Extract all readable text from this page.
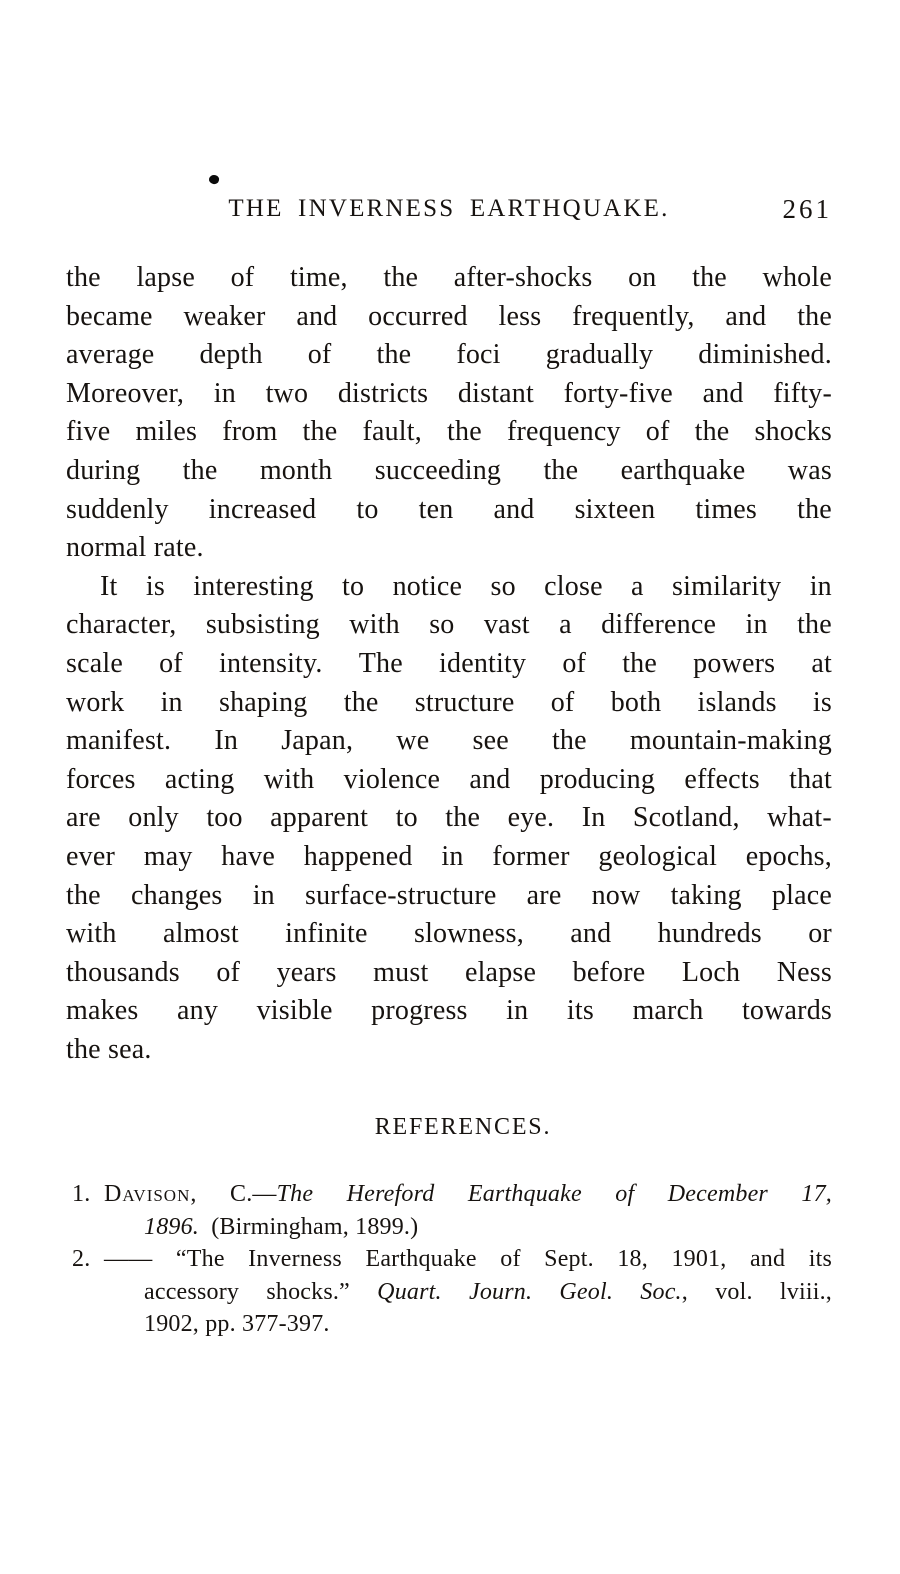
THE INVERNESS EARTHQUAKE.	261
the lapse of time, the after-shocks on the whole
became weaker and occurred less frequently, and the
average depth of the foci gradually diminished.
Moreover, in two districts distant forty-five and fifty-
five miles from the fault, the frequency of the shocks
during the month succeeding the earthquake was
suddenly increased to ten and sixteen times the
normal rate.
It is interesting to notice so close a similarity in
character, subsisting with so vast a difference in the
scale of intensity. The identity of the powers at
work in shaping the structure of both islands is
manifest. In Japan, we see the mountain-making
forces acting with violence and producing effects that
are only too apparent to the eye. In Scotland, what-
ever may have happened in former geological epochs,
the changes in surface-structure are now taking place
with almost infinite slowness, and hundreds or
thousands of years must elapse before Loch Ness
makes any visible progress in its march towards
the sea.
REFERENCES.
1. Davison, C.—The Hereford Earthquake of December 17,
1896. (Birmingham, 1899.)
2. —— “The Inverness Earthquake of Sept. 18, 1901, and its
accessory shocks.” Quart. Journ. Geol. Soc., vol. lviii.,
1902, pp. 377-397.
